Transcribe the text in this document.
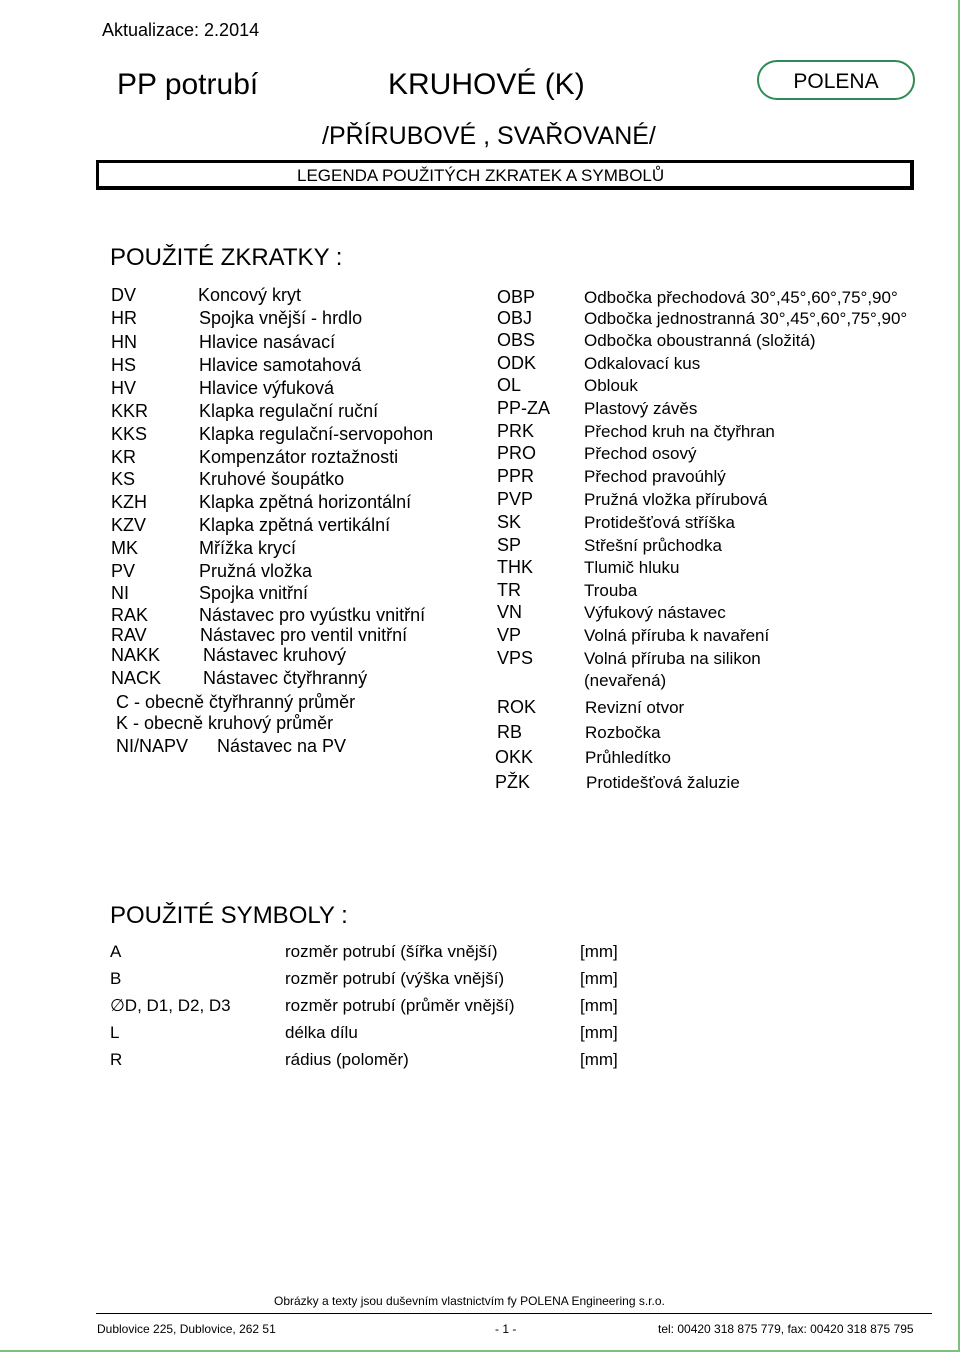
Aktualizace: 2.2014
PP potrubí	KRUHOVÉ (K)	POLENA
/PŘÍRUBOVÉ , SVAŘOVANÉ/
LEGENDA POUŽITÝCH ZKRATEK A SYMBOLŮ
POUŽITÉ ZKRATKY :
DV	Koncový kryt
HR	Spojka vnější - hrdlo
HN	Hlavice nasávací
HS	Hlavice samotahová
HV	Hlavice výfuková
KKR	Klapka regulační ruční
KKS	Klapka regulační-servopohon
KR	Kompenzátor roztažnosti
KS	Kruhové šoupátko
KZH	Klapka zpětná horizontální
KZV	Klapka zpětná vertikální
MK	Mřížka krycí
PV	Pružná vložka
NI	Spojka vnitřní
RAK	Nástavec pro vyústku vnitřní
RAV	Nástavec pro ventil vnitřní
NAKK Nástavec kruhový
NACK Nástavec čtyřhranný
C - obecně čtyřhranný průměr
K - obecně kruhový průměr
NI/NAPV Nástavec na PV
OBP	Odbočka přechodová 30°,45°,60°,75°,90°
OBJ	Odbočka jednostranná 30°,45°,60°,75°,90°
OBS	Odbočka oboustranná (složitá)
ODK	Odkalovací kus
OL	Oblouk
PP-ZA Plastový závěs
PRK	Přechod kruh na čtyřhran
PRO	Přechod osový
PPR	Přechod pravoúhlý
PVP	Pružná vložka přírubová
SK	Protidešťová stříška
SP	Střešní průchodka
THK	Tlumič hluku
TR	Trouba
VN	Výfukový nástavec
VP	Volná příruba k navaření
VPS	Volná příruba na silikon
(nevařená)
ROK	Revizní otvor
RB	Rozbočka
OKK	Průhledítko
PŽK	Protidešťová žaluzie
POUŽITÉ SYMBOLY :
A	rozměr potrubí (šířka vnější)	[mm]
B	rozměr potrubí (výška vnější)	[mm]
∅D, D1, D2, D3	rozměr potrubí (průměr vnější)	[mm]
L	délka dílu	[mm]
R	rádius (poloměr)	[mm]
Obrázky a texty jsou duševním vlastnictvím fy POLENA Engineering s.r.o.
Dublovice 225, Dublovice, 262 51	- 1 -	tel: 00420 318 875 779, fax: 00420 318 875 795
